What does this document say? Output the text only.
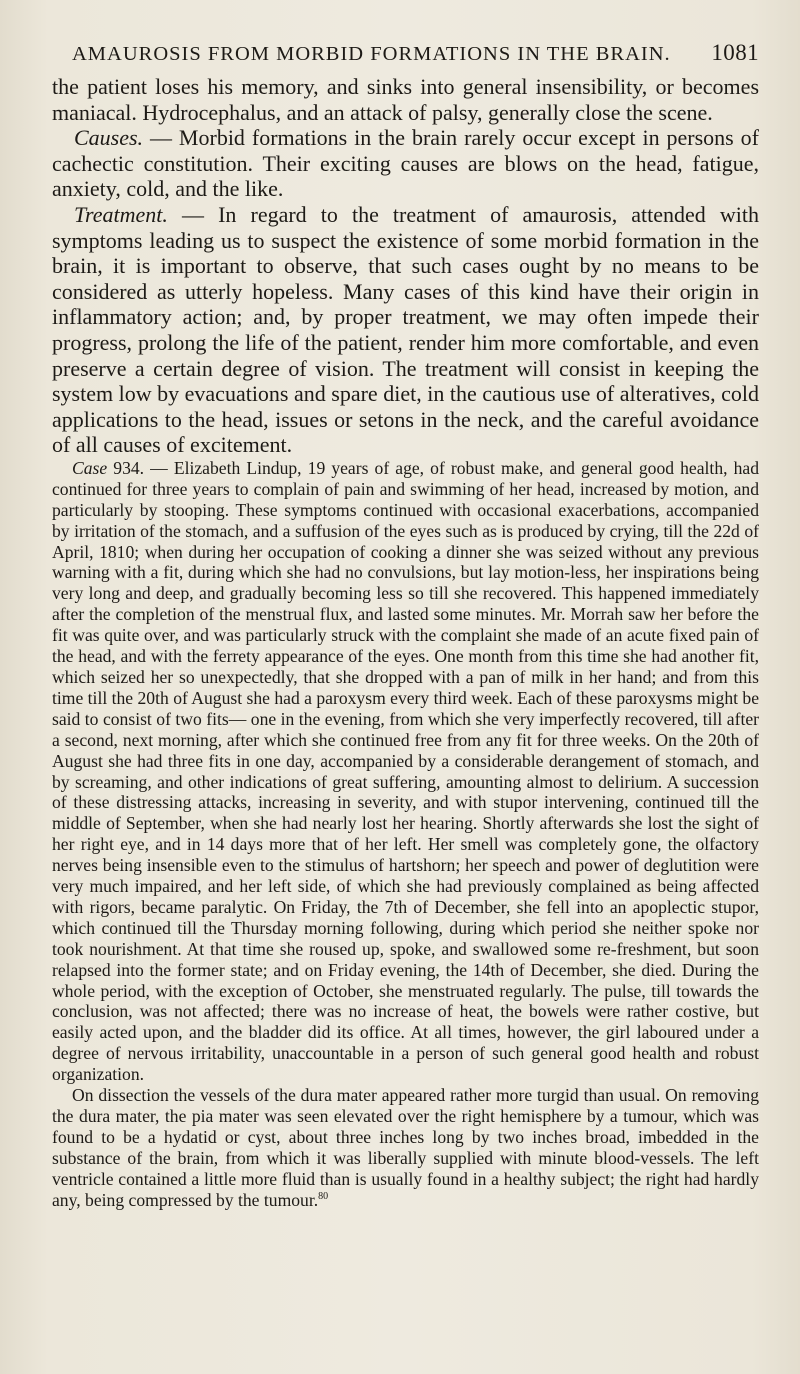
AMAUROSIS FROM MORBID FORMATIONS IN THE BRAIN. 1081

the patient loses his memory, and sinks into general insensibility, or becomes maniacal. Hydrocephalus, and an attack of palsy, generally close the scene.

Causes. — Morbid formations in the brain rarely occur except in persons of cachectic constitution. Their exciting causes are blows on the head, fatigue, anxiety, cold, and the like.

Treatment. — In regard to the treatment of amaurosis, attended with symptoms leading us to suspect the existence of some morbid formation in the brain, it is important to observe, that such cases ought by no means to be considered as utterly hopeless. Many cases of this kind have their origin in inflammatory action; and, by proper treatment, we may often impede their progress, prolong the life of the patient, render him more comfortable, and even preserve a certain degree of vision. The treatment will consist in keeping the system low by evacuations and spare diet, in the cautious use of alteratives, cold applications to the head, issues or setons in the neck, and the careful avoidance of all causes of excitement.

Case 934. — Elizabeth Lindup, 19 years of age, of robust make, and general good health, had continued for three years to complain of pain and swimming of her head, increased by motion, and particularly by stooping. These symptoms continued with occasional exacerbations, accompanied by irritation of the stomach, and a suffusion of the eyes such as is produced by crying, till the 22d of April, 1810; when during her occupation of cooking a dinner she was seized without any previous warning with a fit, during which she had no convulsions, but lay motion-less, her inspirations being very long and deep, and gradually becoming less so till she recovered. This happened immediately after the completion of the menstrual flux, and lasted some minutes. Mr. Morrah saw her before the fit was quite over, and was particularly struck with the complaint she made of an acute fixed pain of the head, and with the ferrety appearance of the eyes. One month from this time she had another fit, which seized her so unexpectedly, that she dropped with a pan of milk in her hand; and from this time till the 20th of August she had a paroxysm every third week. Each of these paroxysms might be said to consist of two fits— one in the evening, from which she very imperfectly recovered, till after a second, next morning, after which she continued free from any fit for three weeks. On the 20th of August she had three fits in one day, accompanied by a considerable derangement of stomach, and by screaming, and other indications of great suffering, amounting almost to delirium. A succession of these distressing attacks, increasing in severity, and with stupor intervening, continued till the middle of September, when she had nearly lost her hearing. Shortly afterwards she lost the sight of her right eye, and in 14 days more that of her left. Her smell was completely gone, the olfactory nerves being insensible even to the stimulus of hartshorn; her speech and power of deglutition were very much impaired, and her left side, of which she had previously complained as being affected with rigors, became paralytic. On Friday, the 7th of December, she fell into an apoplectic stupor, which continued till the Thursday morning following, during which period she neither spoke nor took nourishment. At that time she roused up, spoke, and swallowed some re-freshment, but soon relapsed into the former state; and on Friday evening, the 14th of December, she died. During the whole period, with the exception of October, she menstruated regularly. The pulse, till towards the conclusion, was not affected; there was no increase of heat, the bowels were rather costive, but easily acted upon, and the bladder did its office. At all times, however, the girl laboured under a degree of nervous irritability, unaccountable in a person of such general good health and robust organization.

On dissection the vessels of the dura mater appeared rather more turgid than usual. On removing the dura mater, the pia mater was seen elevated over the right hemisphere by a tumour, which was found to be a hydatid or cyst, about three inches long by two inches broad, imbedded in the substance of the brain, from which it was liberally supplied with minute blood-vessels. The left ventricle contained a little more fluid than is usually found in a healthy subject; the right had hardly any, being compressed by the tumour.$^{80}$
